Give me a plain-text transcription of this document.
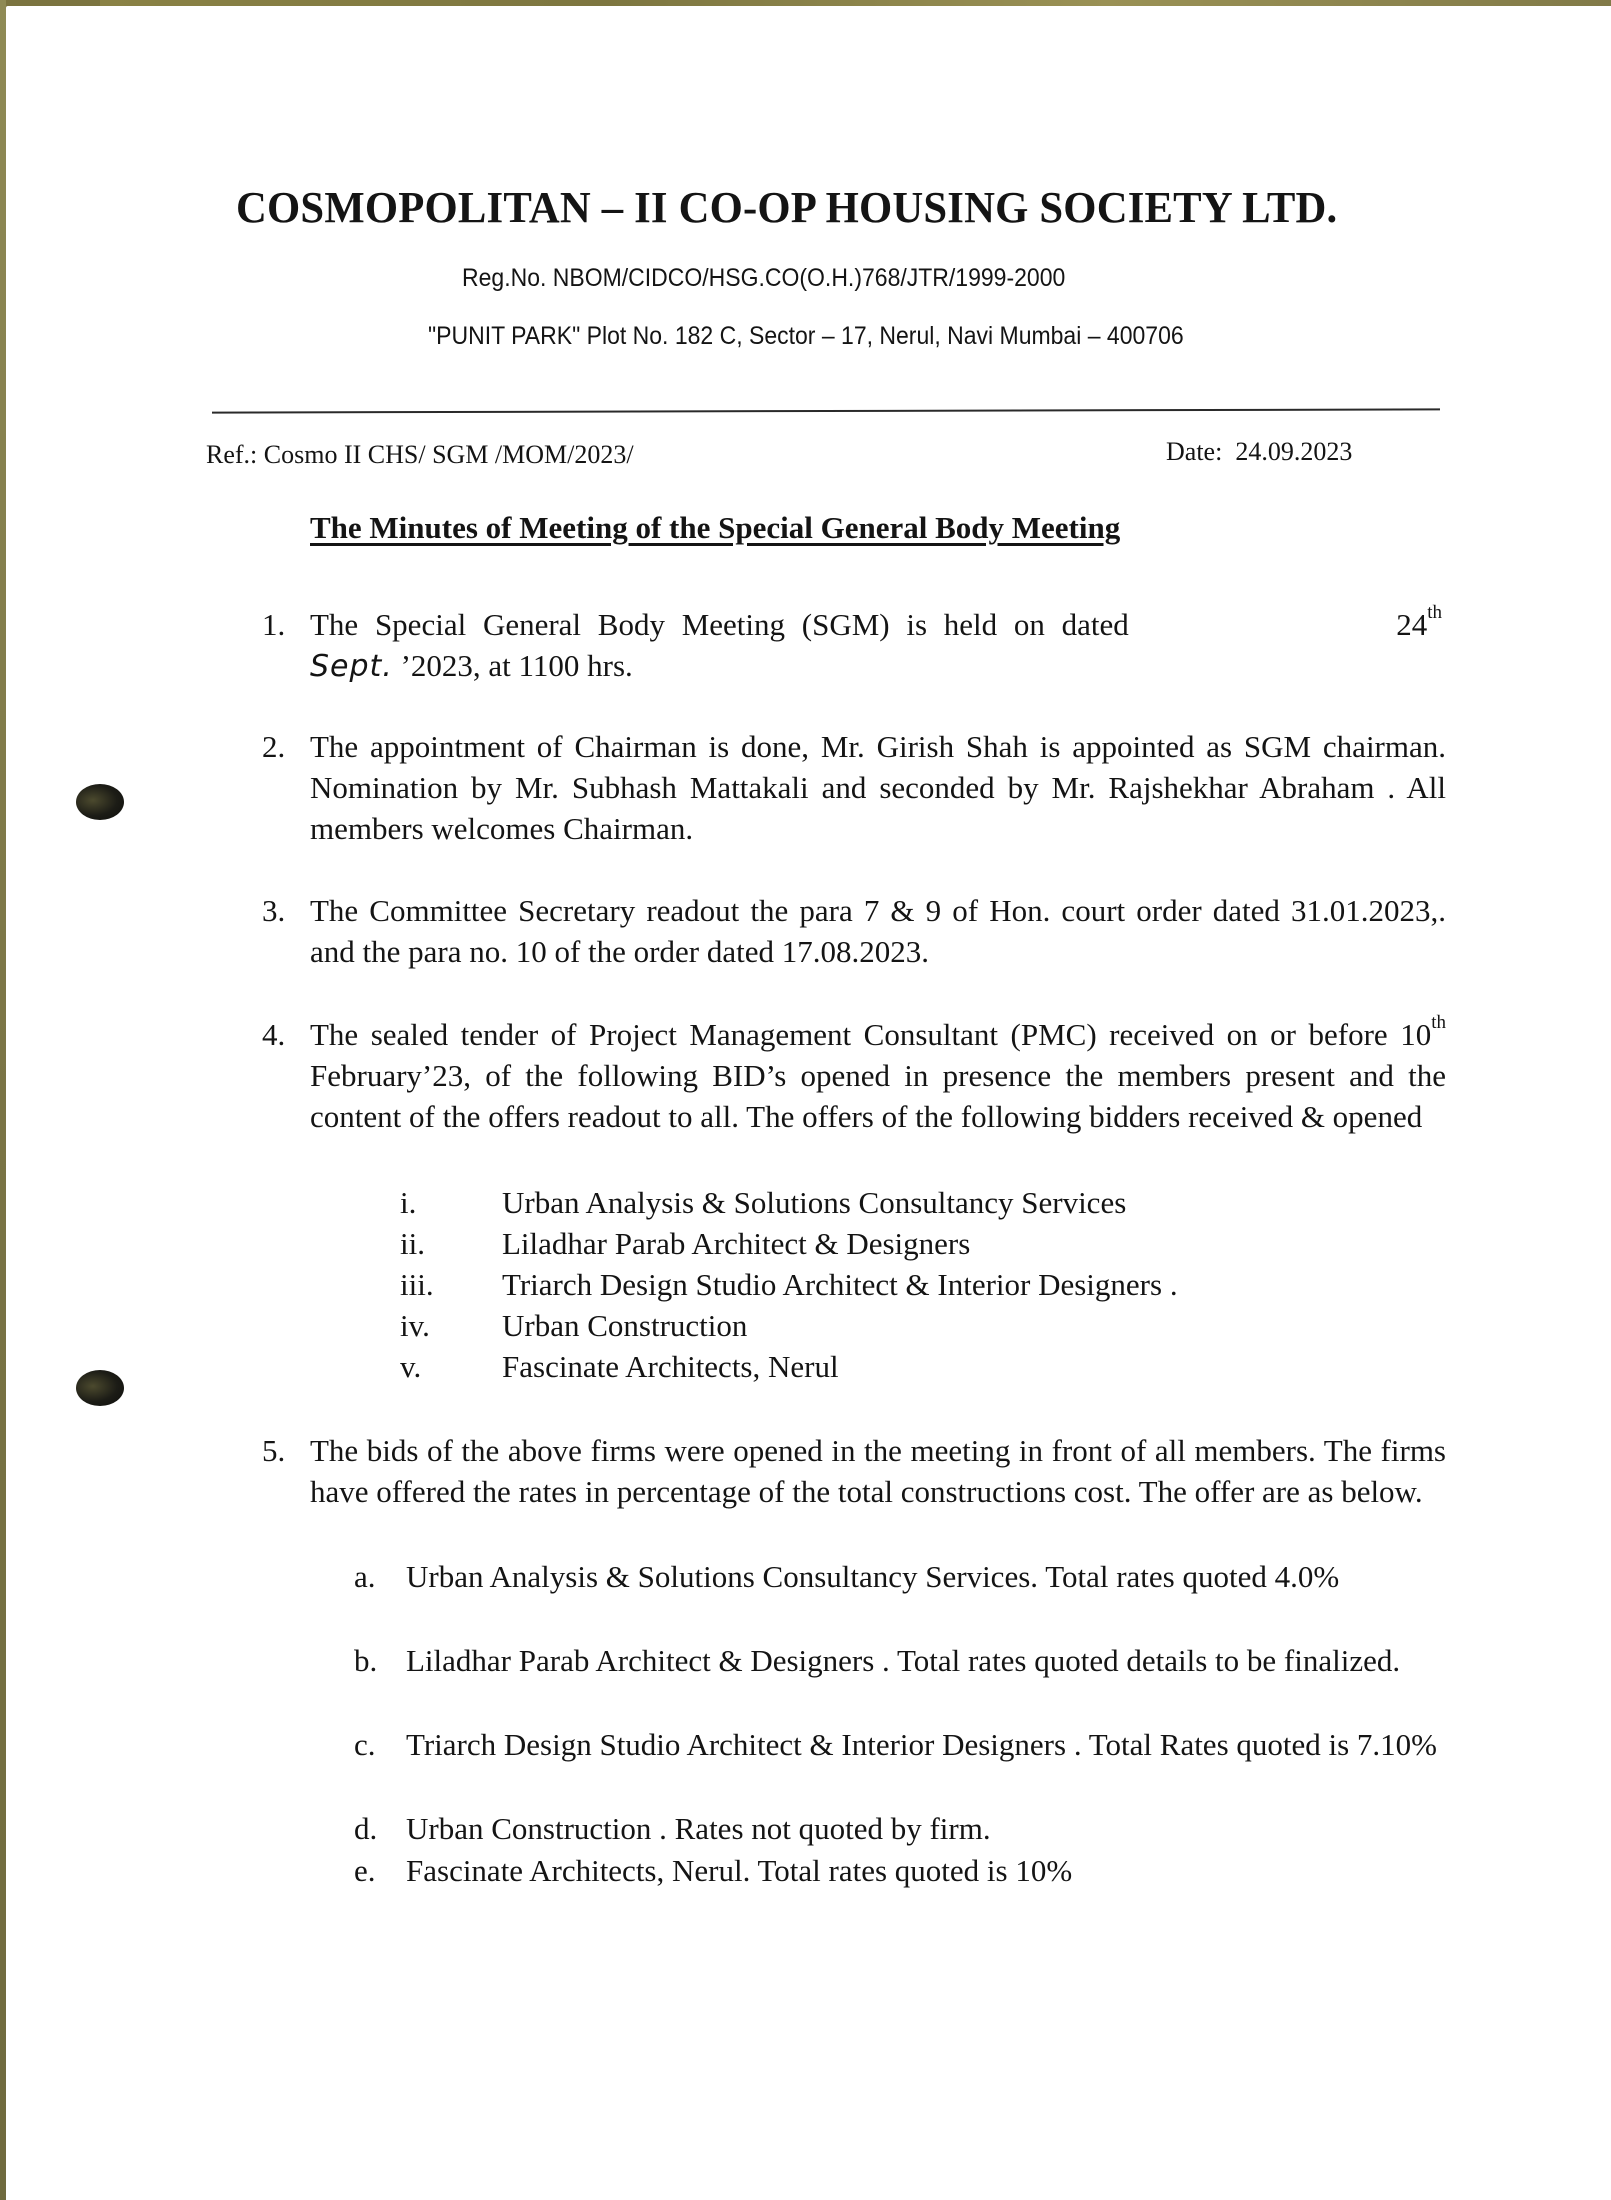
COSMOPOLITAN – II CO-OP HOUSING SOCIETY LTD.
Reg.No. NBOM/CIDCO/HSG.CO(O.H.)768/JTR/1999-2000
"PUNIT PARK" Plot No. 182 C, Sector – 17, Nerul, Navi Mumbai – 400706
Ref.: Cosmo II CHS/ SGM /MOM/2023/	Date: 24.09.2023
The Minutes of Meeting of the Special General Body Meeting
1. The Special General Body Meeting (SGM) is held on dated	24th
Sept. ’2023, at 1100 hrs.
2. The appointment of Chairman is done, Mr. Girish Shah is appointed as SGM chairman. Nomination by Mr. Subhash Mattakali and seconded by Mr. Rajshekhar Abraham . All members welcomes Chairman.
3. The Committee Secretary readout the para 7 & 9 of Hon. court order dated 31.01.2023,. and the para no. 10 of the order dated 17.08.2023.
4. The sealed tender of Project Management Consultant (PMC) received on or before 10th February’23, of the following BID’s opened in presence the members present and the content of the offers readout to all. The offers of the following bidders received & opened
i.	Urban Analysis & Solutions Consultancy Services
ii.	Liladhar Parab Architect & Designers
iii.	Triarch Design Studio Architect & Interior Designers .
iv.	Urban Construction
v.	Fascinate Architects, Nerul
5. The bids of the above firms were opened in the meeting in front of all members. The firms have offered the rates in percentage of the total constructions cost. The offer are as below.
a. Urban Analysis & Solutions Consultancy Services. Total rates quoted 4.0%
b. Liladhar Parab Architect & Designers . Total rates quoted details to be finalized.
c. Triarch Design Studio Architect & Interior Designers . Total Rates quoted is 7.10%
d. Urban Construction . Rates not quoted by firm.
e. Fascinate Architects, Nerul. Total rates quoted is 10%
